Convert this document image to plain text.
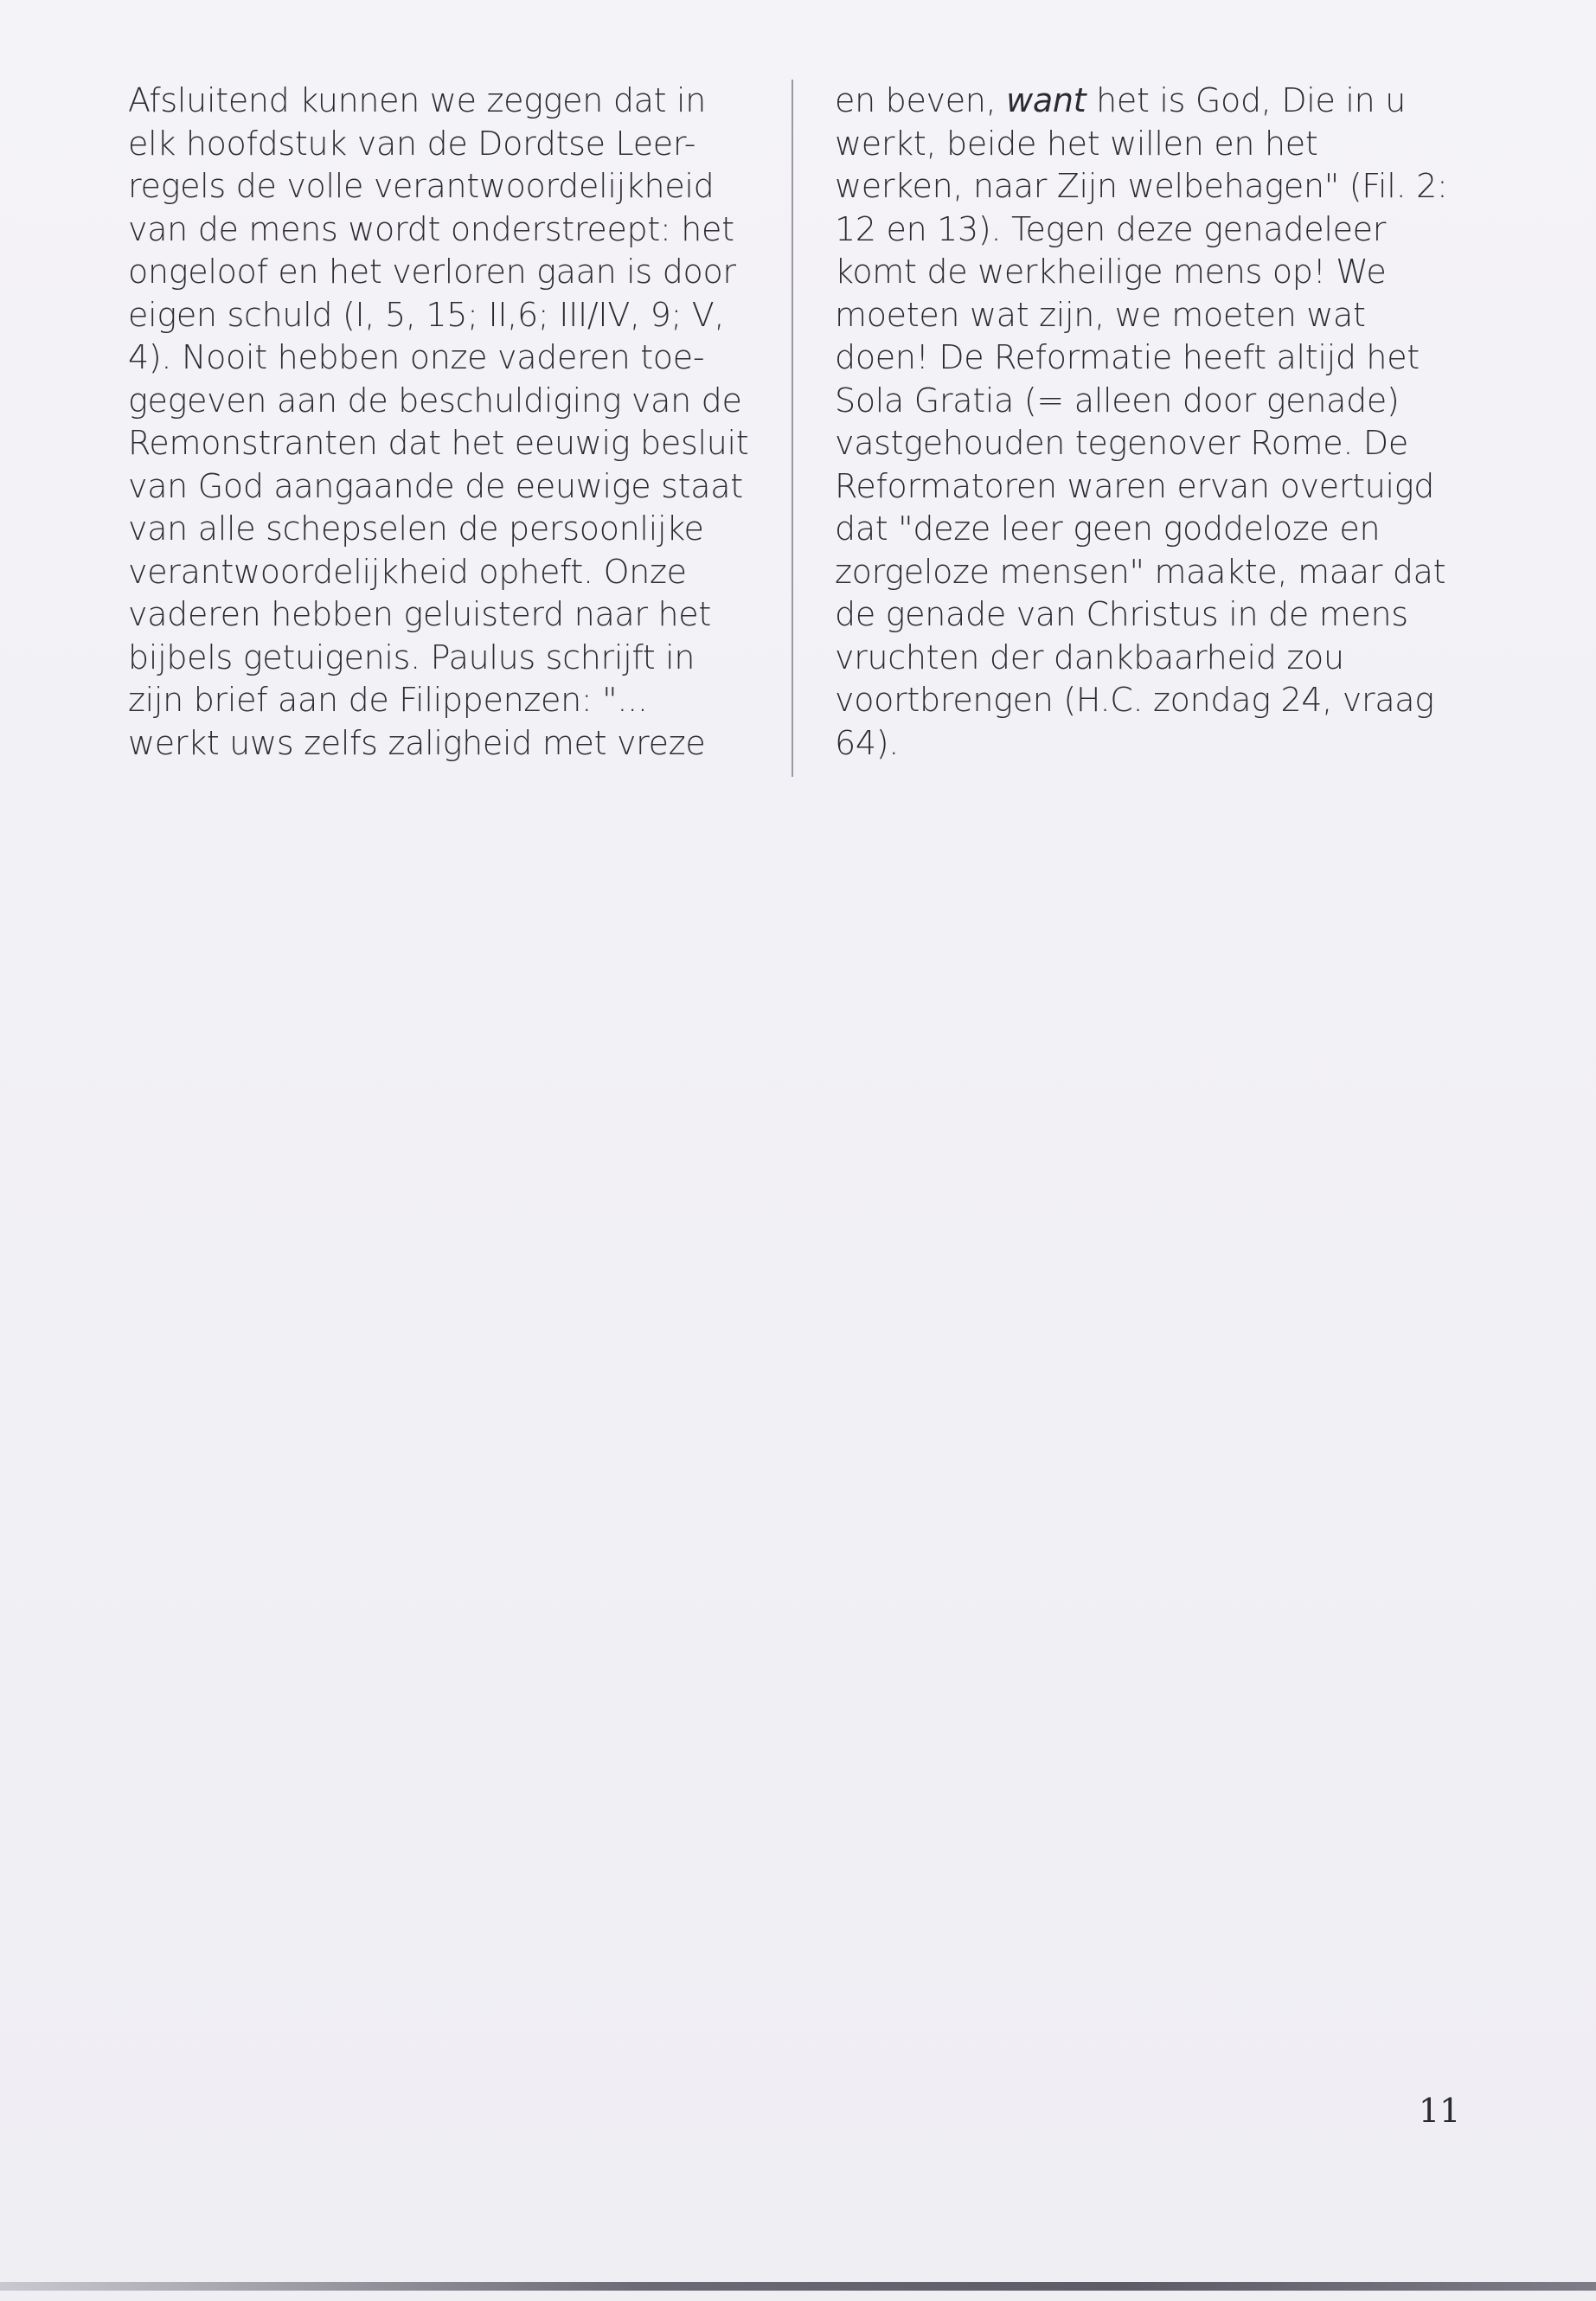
Afsluitend kunnen we zeggen dat in
elk hoofdstuk van de Dordtse Leer-
regels de volle verantwoordelijkheid
van de mens wordt onderstreept: het
ongeloof en het verloren gaan is door
eigen schuld (I, 5, 15; II,6; III/IV, 9; V,
4). Nooit hebben onze vaderen toe-
gegeven aan de beschuldiging van de
Remonstranten dat het eeuwig besluit
van God aangaande de eeuwige staat
van alle schepselen de persoonlijke
verantwoordelijkheid opheft. Onze
vaderen hebben geluisterd naar het
bijbels getuigenis. Paulus schrijft in
zijn brief aan de Filippenzen: "...
werkt uws zelfs zaligheid met vreze
en beven, want het is God, Die in u
werkt, beide het willen en het
werken, naar Zijn welbehagen" (Fil. 2:
12 en 13). Tegen deze genadeleer
komt de werkheilige mens op! We
moeten wat zijn, we moeten wat
doen! De Reformatie heeft altijd het
Sola Gratia (= alleen door genade)
vastgehouden tegenover Rome. De
Reformatoren waren ervan overtuigd
dat "deze leer geen goddeloze en
zorgeloze mensen" maakte, maar dat
de genade van Christus in de mens
vruchten der dankbaarheid zou
voortbrengen (H.C. zondag 24, vraag
64).
11
